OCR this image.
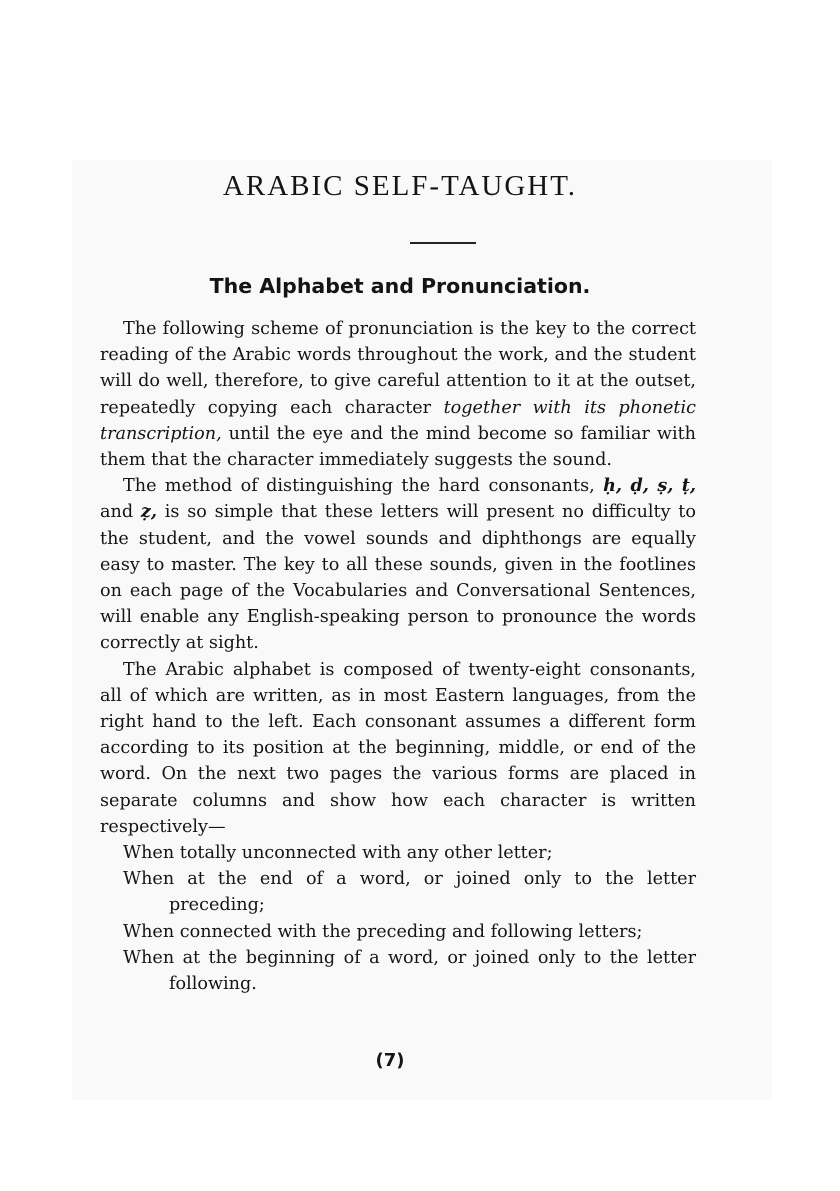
ARABIC SELF-TAUGHT.
The Alphabet and Pronunciation.

The following scheme of pronunciation is the key to the correct reading of the Arabic words throughout the work, and the student will do well, therefore, to give careful attention to it at the outset, repeatedly copying each character together with its phonetic transcription, until the eye and the mind become so familiar with them that the character immediately suggests the sound.

The method of distinguishing the hard consonants, ḥ, ḍ, ṣ, ṭ, and ẓ, is so simple that these letters will present no difficulty to the student, and the vowel sounds and diphthongs are equally easy to master. The key to all these sounds, given in the footlines on each page of the Vocabularies and Conversational Sentences, will enable any English-speaking person to pronounce the words correctly at sight.

The Arabic alphabet is composed of twenty-eight consonants, all of which are written, as in most Eastern languages, from the right hand to the left. Each consonant assumes a different form according to its position at the beginning, middle, or end of the word. On the next two pages the various forms are placed in separate columns and show how each character is written respectively—

When totally unconnected with any other letter;

When at the end of a word, or joined only to the letter preceding;

When connected with the preceding and following letters;

When at the beginning of a word, or joined only to the letter following.

(7)
